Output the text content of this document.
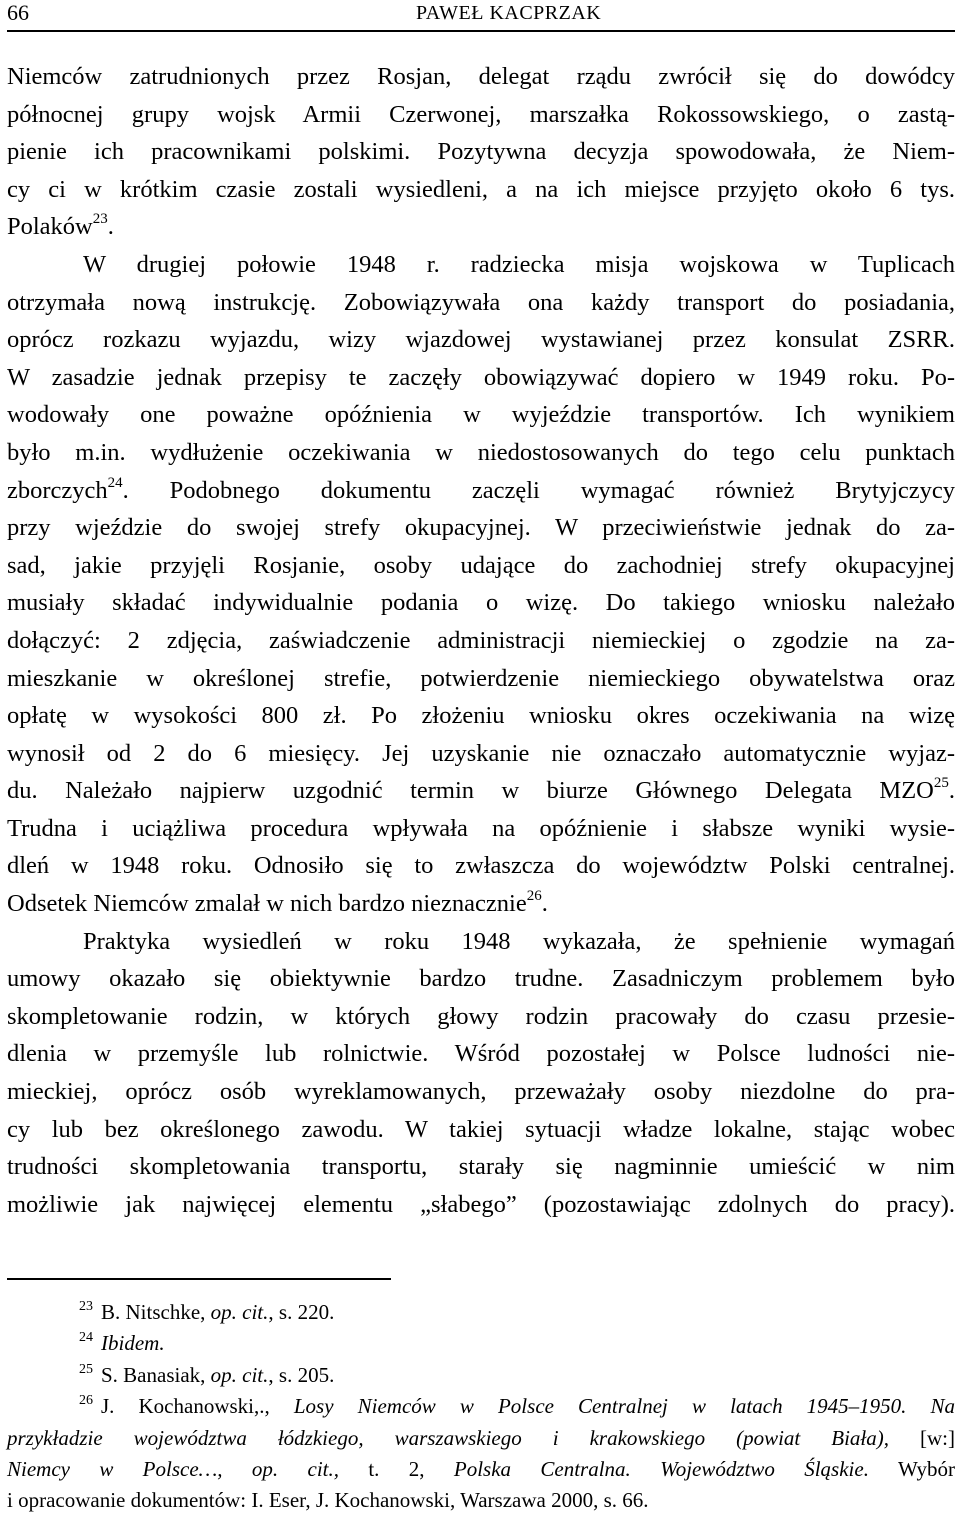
66	PAWEŁ KACPRZAK
Niemców zatrudnionych przez Rosjan, delegat rządu zwrócił się do dowódcy
północnej grupy wojsk Armii Czerwonej, marszałka Rokossowskiego, o zastą-
pienie ich pracownikami polskimi. Pozytywna decyzja spowodowała, że Niem-
cy ci w krótkim czasie zostali wysiedleni, a na ich miejsce przyjęto około 6 tys.
Polaków$^{23}$.
W drugiej połowie 1948 r. radziecka misja wojskowa w Tuplicach
otrzymała nową instrukcję. Zobowiązywała ona każdy transport do posiadania,
oprócz rozkazu wyjazdu, wizy wjazdowej wystawianej przez konsulat ZSRR.
W zasadzie jednak przepisy te zaczęły obowiązywać dopiero w 1949 roku. Po-
wodowały one poważne opóźnienia w wyjeździe transportów. Ich wynikiem
było m.in. wydłużenie oczekiwania w niedostosowanych do tego celu punktach
zborczych$^{24}$. Podobnego dokumentu zaczęli wymagać również Brytyjczycy
przy wjeździe do swojej strefy okupacyjnej. W przeciwieństwie jednak do za-
sad, jakie przyjęli Rosjanie, osoby udające do zachodniej strefy okupacyjnej
musiały składać indywidualnie podania o wizę. Do takiego wniosku należało
dołączyć: 2 zdjęcia, zaświadczenie administracji niemieckiej o zgodzie na za-
mieszkanie w określonej strefie, potwierdzenie niemieckiego obywatelstwa oraz
opłatę w wysokości 800 zł. Po złożeniu wniosku okres oczekiwania na wizę
wynosił od 2 do 6 miesięcy. Jej uzyskanie nie oznaczało automatycznie wyjaz-
du. Należało najpierw uzgodnić termin w biurze Głównego Delegata MZO$^{25}$.
Trudna i uciążliwa procedura wpływała na opóźnienie i słabsze wyniki wysie-
dleń w 1948 roku. Odnosiło się to zwłaszcza do województw Polski centralnej.
Odsetek Niemców zmalał w nich bardzo nieznacznie$^{26}$.
Praktyka wysiedleń w roku 1948 wykazała, że spełnienie wymagań
umowy okazało się obiektywnie bardzo trudne. Zasadniczym problemem było
skompletowanie rodzin, w których głowy rodzin pracowały do czasu przesie-
dlenia w przemyśle lub rolnictwie. Wśród pozostałej w Polsce ludności nie-
mieckiej, oprócz osób wyreklamowanych, przeważały osoby niezdolne do pra-
cy lub bez określonego zawodu. W takiej sytuacji władze lokalne, stając wobec
trudności skompletowania transportu, starały się nagminnie umieścić w nim
możliwie jak najwięcej elementu „słabego” (pozostawiając zdolnych do pracy).
$^{23}$ B. Nitschke, op. cit., s. 220.
$^{24}$ Ibidem.
$^{25}$ S. Banasiak, op. cit., s. 205.
$^{26}$ J. Kochanowski,., Losy Niemców w Polsce Centralnej w latach 1945–1950. Na
przykładzie województwa łódzkiego, warszawskiego i krakowskiego (powiat Biała), [w:]
Niemcy w Polsce…, op. cit., t. 2, Polska Centralna. Województwo Śląskie. Wybór
i opracowanie dokumentów: I. Eser, J. Kochanowski, Warszawa 2000, s. 66.
